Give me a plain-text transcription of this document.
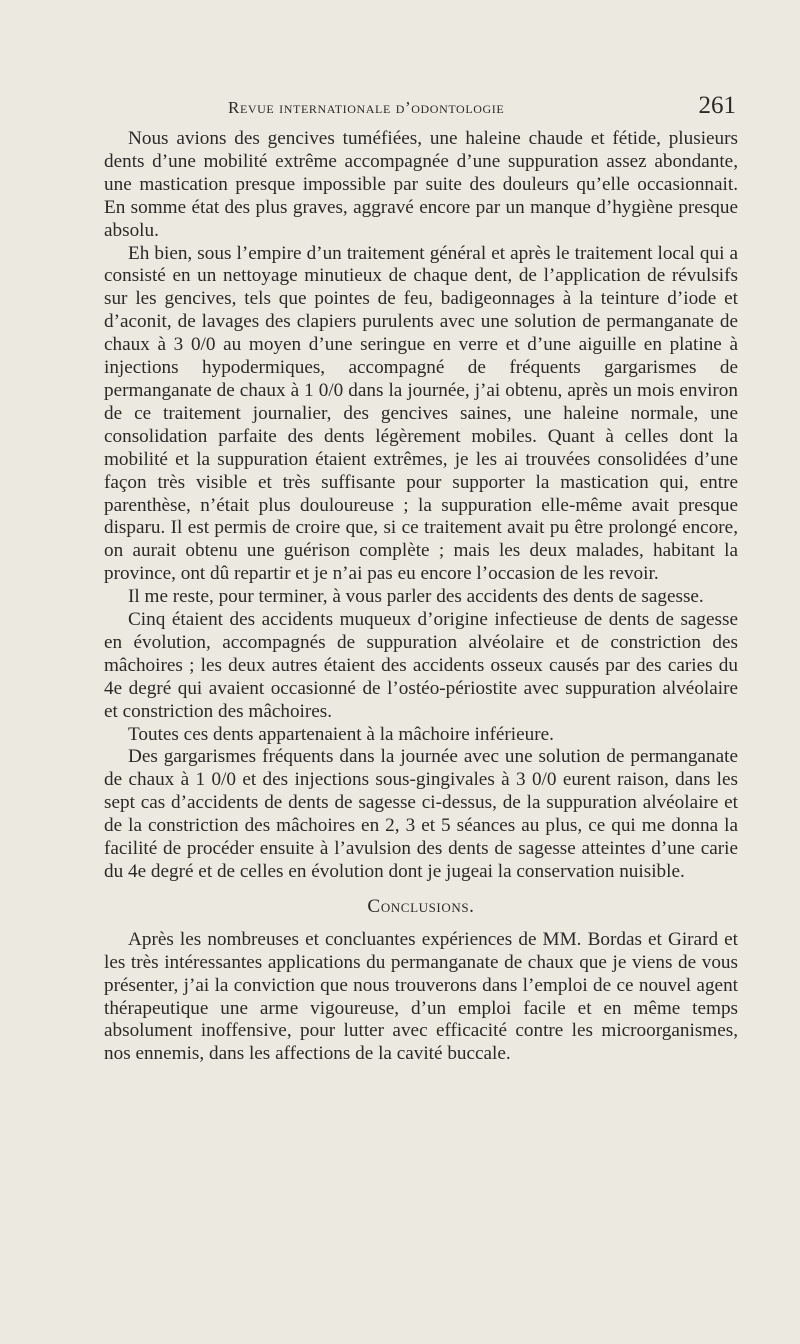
Revue internationale d’odontologie	261

Nous avions des gencives tuméfiées, une haleine chaude et fétide, plusieurs dents d’une mobilité extrême accompagnée d’une suppuration assez abondante, une mastication presque impossible par suite des douleurs qu’elle occasionnait. En somme état des plus graves, aggravé encore par un manque d’hygiène presque absolu.

Eh bien, sous l’empire d’un traitement général et après le traitement local qui a consisté en un nettoyage minutieux de chaque dent, de l’application de révulsifs sur les gencives, tels que pointes de feu, badigeonnages à la teinture d’iode et d’aconit, de lavages des clapiers purulents avec une solution de permanganate de chaux à 3 0/0 au moyen d’une seringue en verre et d’une aiguille en platine à injections hypodermiques, accompagné de fréquents gargarismes de permanganate de chaux à 1 0/0 dans la journée, j’ai obtenu, après un mois environ de ce traitement journalier, des gencives saines, une haleine normale, une consolidation parfaite des dents légèrement mobiles. Quant à celles dont la mobilité et la suppuration étaient extrêmes, je les ai trouvées consolidées d’une façon très visible et très suffisante pour supporter la mastication qui, entre parenthèse, n’était plus douloureuse ; la suppuration elle-même avait presque disparu. Il est permis de croire que, si ce traitement avait pu être prolongé encore, on aurait obtenu une guérison complète ; mais les deux malades, habitant la province, ont dû repartir et je n’ai pas eu encore l’occasion de les revoir.

Il me reste, pour terminer, à vous parler des accidents des dents de sagesse.

Cinq étaient des accidents muqueux d’origine infectieuse de dents de sagesse en évolution, accompagnés de suppuration alvéolaire et de constriction des mâchoires ; les deux autres étaient des accidents osseux causés par des caries du 4e degré qui avaient occasionné de l’ostéo-périostite avec suppuration alvéolaire et constriction des mâchoires.

Toutes ces dents appartenaient à la mâchoire inférieure.

Des gargarismes fréquents dans la journée avec une solution de permanganate de chaux à 1 0/0 et des injections sous-gingivales à 3 0/0 eurent raison, dans les sept cas d’accidents de dents de sagesse ci-dessus, de la suppuration alvéolaire et de la constriction des mâchoires en 2, 3 et 5 séances au plus, ce qui me donna la facilité de procéder ensuite à l’avulsion des dents de sagesse atteintes d’une carie du 4e degré et de celles en évolution dont je jugeai la conservation nuisible.

Conclusions.

Après les nombreuses et concluantes expériences de MM. Bordas et Girard et les très intéressantes applications du permanganate de chaux que je viens de vous présenter, j’ai la conviction que nous trouverons dans l’emploi de ce nouvel agent thérapeutique une arme vigoureuse, d’un emploi facile et en même temps absolument inoffensive, pour lutter avec efficacité contre les microorganismes, nos ennemis, dans les affections de la cavité buccale.
